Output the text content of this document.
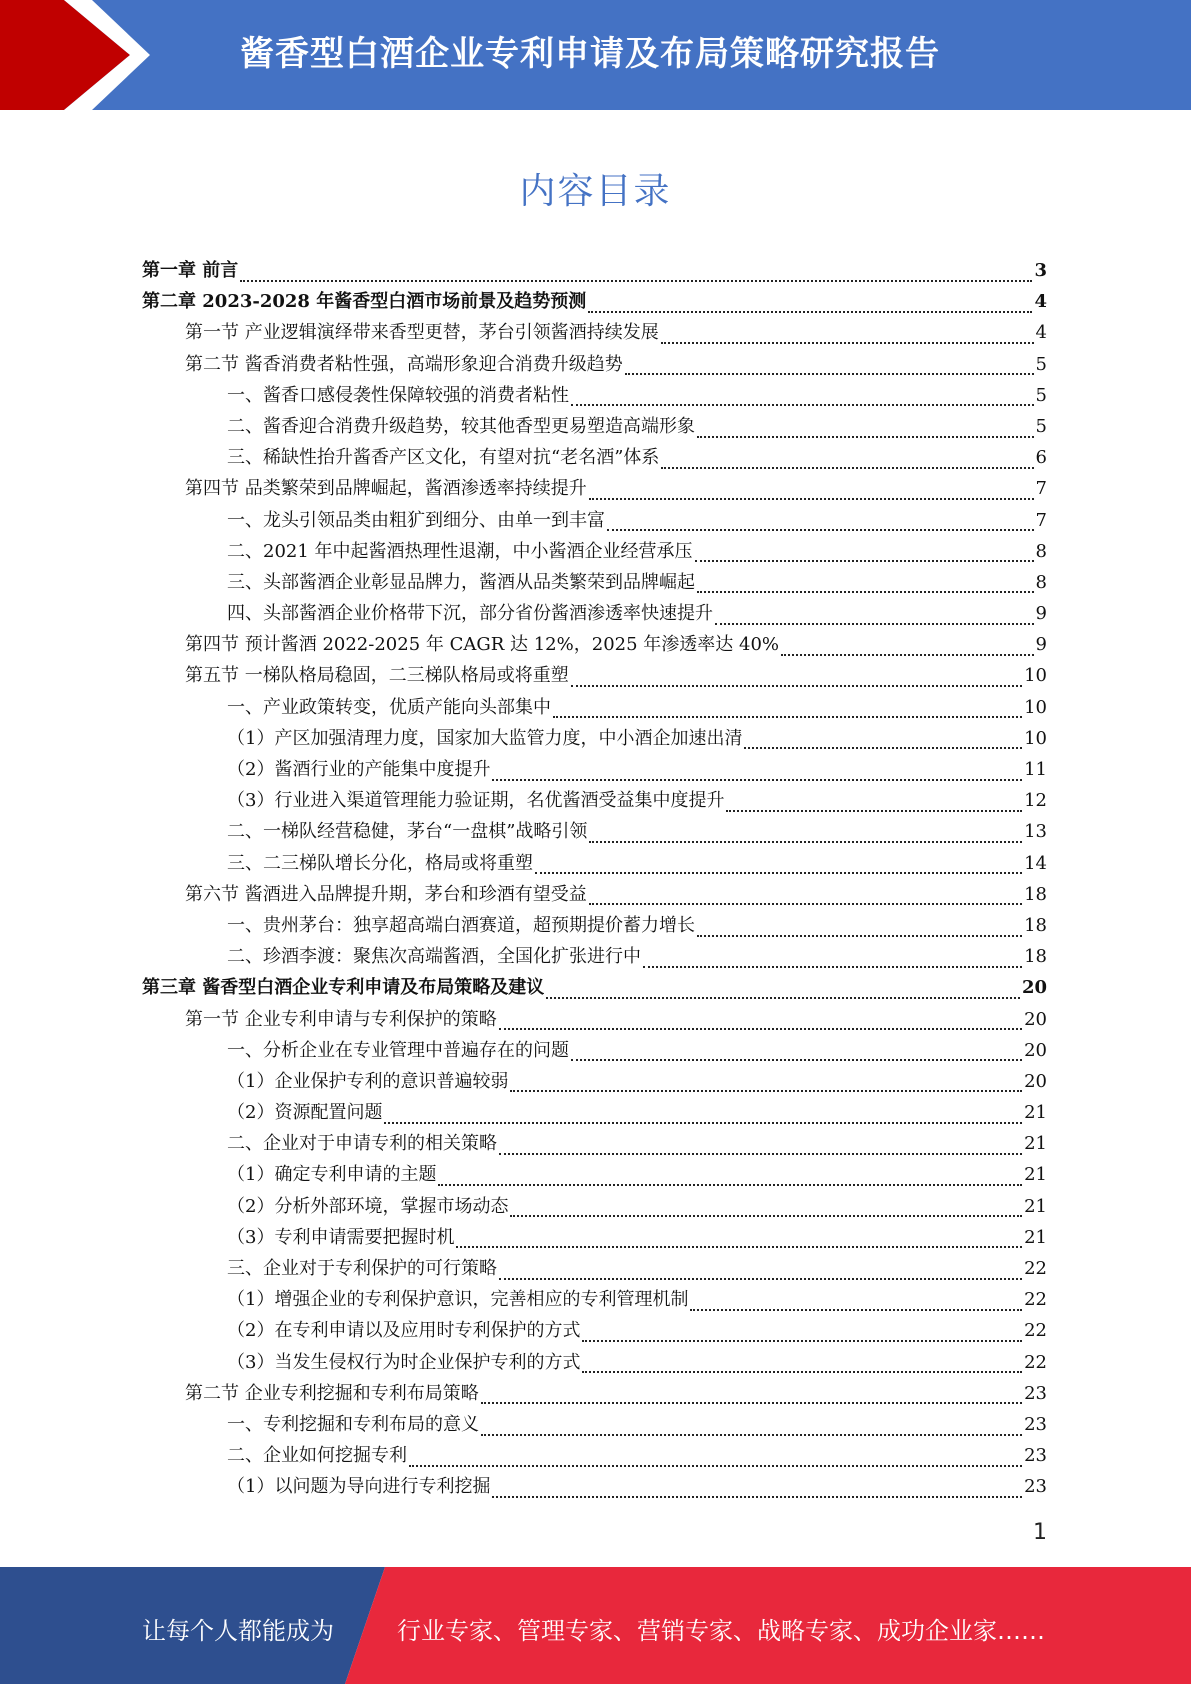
酱香型白酒企业专利申请及布局策略研究报告
内容目录
第一章 前言	3
第二章 2023-2028 年酱香型白酒市场前景及趋势预测	4
第一节 产业逻辑演绎带来香型更替，茅台引领酱酒持续发展	4
第二节 酱香消费者粘性强，高端形象迎合消费升级趋势	5
一、酱香口感侵袭性保障较强的消费者粘性	5
二、酱香迎合消费升级趋势，较其他香型更易塑造高端形象	5
三、稀缺性抬升酱香产区文化，有望对抗“老名酒”体系	6
第四节 品类繁荣到品牌崛起，酱酒渗透率持续提升	7
一、龙头引领品类由粗犷到细分、由单一到丰富	7
二、2021 年中起酱酒热理性退潮，中小酱酒企业经营承压	8
三、头部酱酒企业彰显品牌力，酱酒从品类繁荣到品牌崛起	8
四、头部酱酒企业价格带下沉，部分省份酱酒渗透率快速提升	9
第四节 预计酱酒 2022-2025 年 CAGR 达 12%，2025 年渗透率达 40%	9
第五节 一梯队格局稳固，二三梯队格局或将重塑	10
一、产业政策转变，优质产能向头部集中	10
（1）产区加强清理力度，国家加大监管力度，中小酒企加速出清	10
（2）酱酒行业的产能集中度提升	11
（3）行业进入渠道管理能力验证期，名优酱酒受益集中度提升	12
二、一梯队经营稳健，茅台“一盘棋”战略引领	13
三、二三梯队增长分化，格局或将重塑	14
第六节 酱酒进入品牌提升期，茅台和珍酒有望受益	18
一、贵州茅台：独享超高端白酒赛道，超预期提价蓄力增长	18
二、珍酒李渡：聚焦次高端酱酒，全国化扩张进行中	18
第三章 酱香型白酒企业专利申请及布局策略及建议	20
第一节 企业专利申请与专利保护的策略	20
一、分析企业在专业管理中普遍存在的问题	20
（1）企业保护专利的意识普遍较弱	20
（2）资源配置问题	21
二、企业对于申请专利的相关策略	21
（1）确定专利申请的主题	21
（2）分析外部环境，掌握市场动态	21
（3）专利申请需要把握时机	21
三、企业对于专利保护的可行策略	22
（1）增强企业的专利保护意识，完善相应的专利管理机制	22
（2）在专利申请以及应用时专利保护的方式	22
（3）当发生侵权行为时企业保护专利的方式	22
第二节 企业专利挖掘和专利布局策略	23
一、专利挖掘和专利布局的意义	23
二、企业如何挖掘专利	23
（1）以问题为导向进行专利挖掘	23
1
让每个人都能成为	行业专家、管理专家、营销专家、战略专家、成功企业家……
